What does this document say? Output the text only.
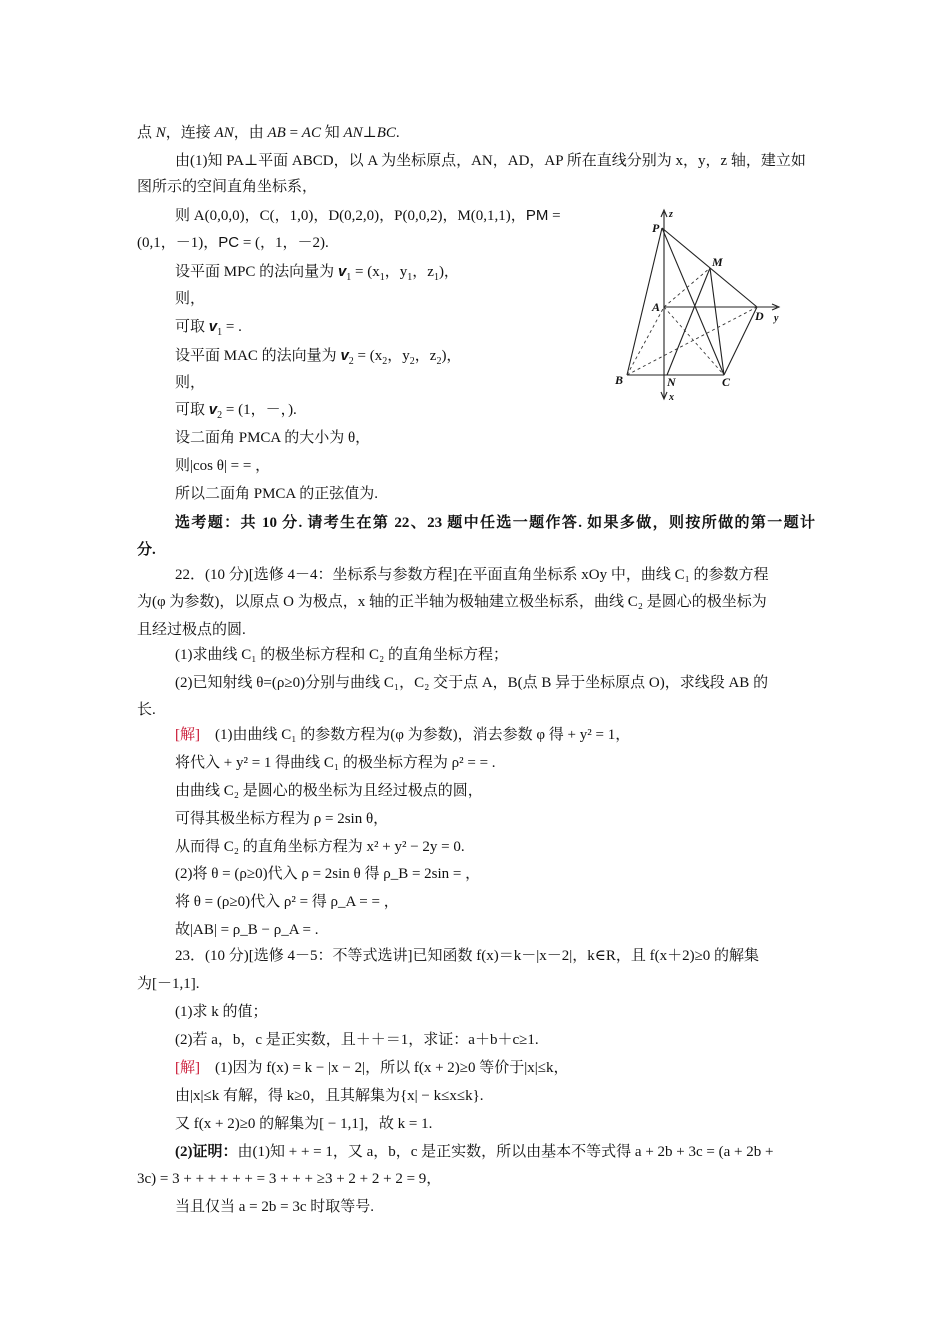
点 N，连接 AN，由 AB = AC 知 AN⊥BC.
由(1)知 PA⊥平面 ABCD，以 A 为坐标原点，AN，AD，AP 所在直线分别为 x，y，z 轴，建立如
图所示的空间直角坐标系，
则 A(0,0,0)，C(，1,0)，D(0,2,0)，P(0,0,2)，M(0,1,1)，PM =
(0,1，－1)，PC = (，1，－2).
设平面 MPC 的法向量为 $v_1 = (x_1$，$y_1$，$z_1$)，
则，
可取 $v_1$ = .
设平面 MAC 的法向量为 $v_2 = (x_2$，$y_2$，$z_2$)，
则，
可取 $v_2 = (1$，－，).
设二面角 PMCA 的大小为 θ，
则|cos θ| = = ，
所以二面角 PMCA 的正弦值为.
选考题：共 10 分. 请考生在第 22、23 题中任选一题作答. 如果多做，则按所做的第一题计
分.
22．(10 分)[选修 4－4：坐标系与参数方程]在平面直角坐标系 xOy 中，曲线 C₁ 的参数方程
为(φ 为参数)，以原点 O 为极点，x 轴的正半轴为极轴建立极坐标系，曲线 C₂ 是圆心的极坐标为
且经过极点的圆.
(1)求曲线 C₁ 的极坐标方程和 C₂ 的直角坐标方程；
(2)已知射线 θ=(ρ≥0)分别与曲线 C₁，C₂ 交于点 A，B(点 B 异于坐标原点 O)，求线段 AB 的
长.
[解]　(1)由曲线 C₁ 的参数方程为(φ 为参数)，消去参数 φ 得 + y² = 1，
将代入 + y² = 1 得曲线 C₁ 的极坐标方程为 ρ² = = .
由曲线 C₂ 是圆心的极坐标为且经过极点的圆，
可得其极坐标方程为 ρ = 2sin θ，
从而得 C₂ 的直角坐标方程为 x² + y² − 2y = 0.
(2)将 θ = (ρ≥0)代入 ρ = 2sin θ 得 ρ_B = 2sin = ，
将 θ = (ρ≥0)代入 ρ² = 得 ρ_A = = ，
故|AB| = ρ_B − ρ_A = .
23．(10 分)[选修 4－5：不等式选讲]已知函数 f(x)＝k－|x－2|，k∈R，且 f(x＋2)≥0 的解集
为[－1,1].
(1)求 k 的值；
(2)若 a，b，c 是正实数，且＋＋＝1，求证：a＋b＋c≥1.
[解]　(1)因为 f(x) = k − |x − 2|，所以 f(x + 2)≥0 等价于|x|≤k，
由|x|≤k 有解，得 k≥0，且其解集为{x| − k≤x≤k}.
又 f(x + 2)≥0 的解集为[ − 1,1]，故 k = 1.
(2)证明：由(1)知 + + = 1，又 a，b，c 是正实数，所以由基本不等式得 a + 2b + 3c = (a + 2b +
3c) = 3 + + + + + + = 3 + + + ≥3 + 2 + 2 + 2 = 9，
当且仅当 a = 2b = 3c 时取等号.
P
M
A
D
B	N	C
z
y
x
